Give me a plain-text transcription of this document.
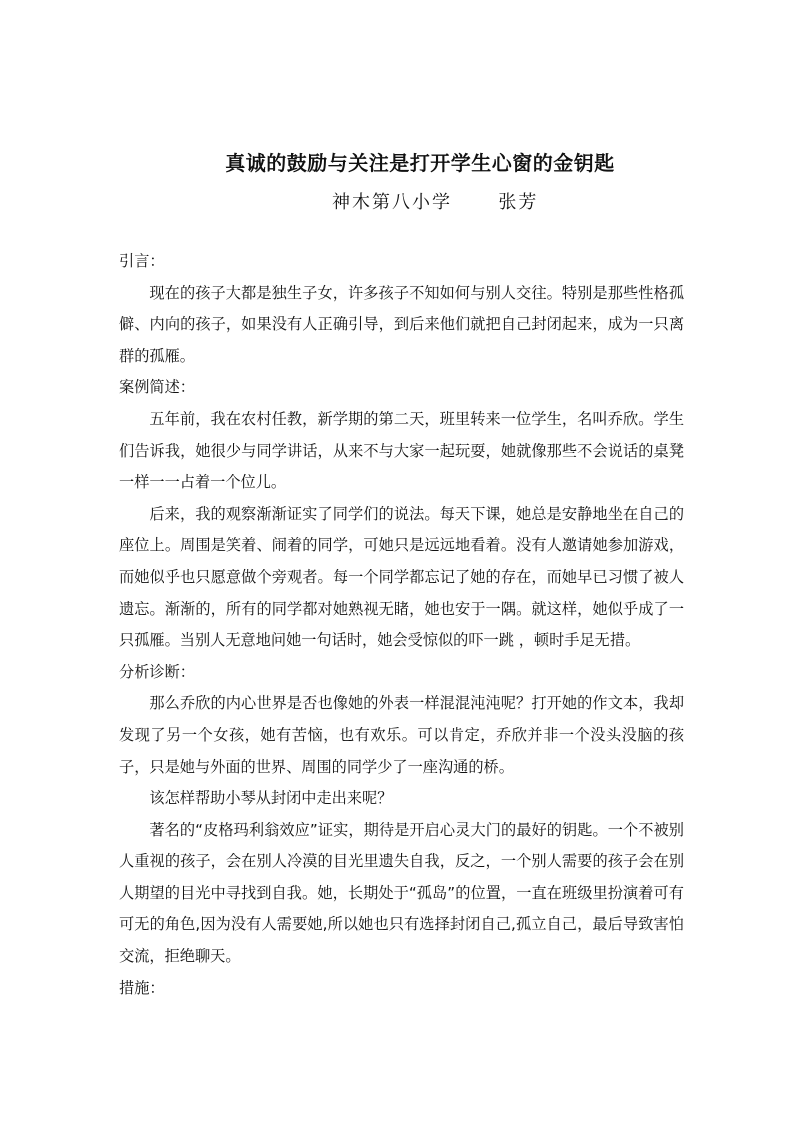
真诚的鼓励与关注是打开学生心窗的金钥匙
神木第八小学      张芳

引言：

现在的孩子大都是独生子女，许多孩子不知如何与别人交往。特别是那些性格孤僻、内向的孩子，如果没有人正确引导，到后来他们就把自己封闭起来，成为一只离群的孤雁。

案例简述：

五年前，我在农村任教，新学期的第二天，班里转来一位学生，名叫乔欣。学生们告诉我，她很少与同学讲话，从来不与大家一起玩耍，她就像那些不会说话的桌凳一样一一占着一个位儿。

后来，我的观察渐渐证实了同学们的说法。每天下课，她总是安静地坐在自己的座位上。周围是笑着、闹着的同学，可她只是远远地看着。没有人邀请她参加游戏，而她似乎也只愿意做个旁观者。每一个同学都忘记了她的存在，而她早已习惯了被人遗忘。渐渐的，所有的同学都对她熟视无睹，她也安于一隅。就这样，她似乎成了一只孤雁。当别人无意地问她一句话时，她会受惊似的吓一跳 ，顿时手足无措。

分析诊断：

那么乔欣的内心世界是否也像她的外表一样混混沌沌呢？打开她的作文本，我却发现了另一个女孩，她有苦恼，也有欢乐。可以肯定，乔欣并非一个没头没脑的孩子，只是她与外面的世界、周围的同学少了一座沟通的桥。

该怎样帮助小琴从封闭中走出来呢？

著名的“皮格玛利翁效应”证实，期待是开启心灵大门的最好的钥匙。一个不被别人重视的孩子，会在别人冷漠的目光里遗失自我，反之，一个别人需要的孩子会在别人期望的目光中寻找到自我。她，长期处于“孤岛”的位置，一直在班级里扮演着可有可无的角色,因为没有人需要她,所以她也只有选择封闭自己,孤立自己，最后导致害怕交流，拒绝聊天。

措施：
